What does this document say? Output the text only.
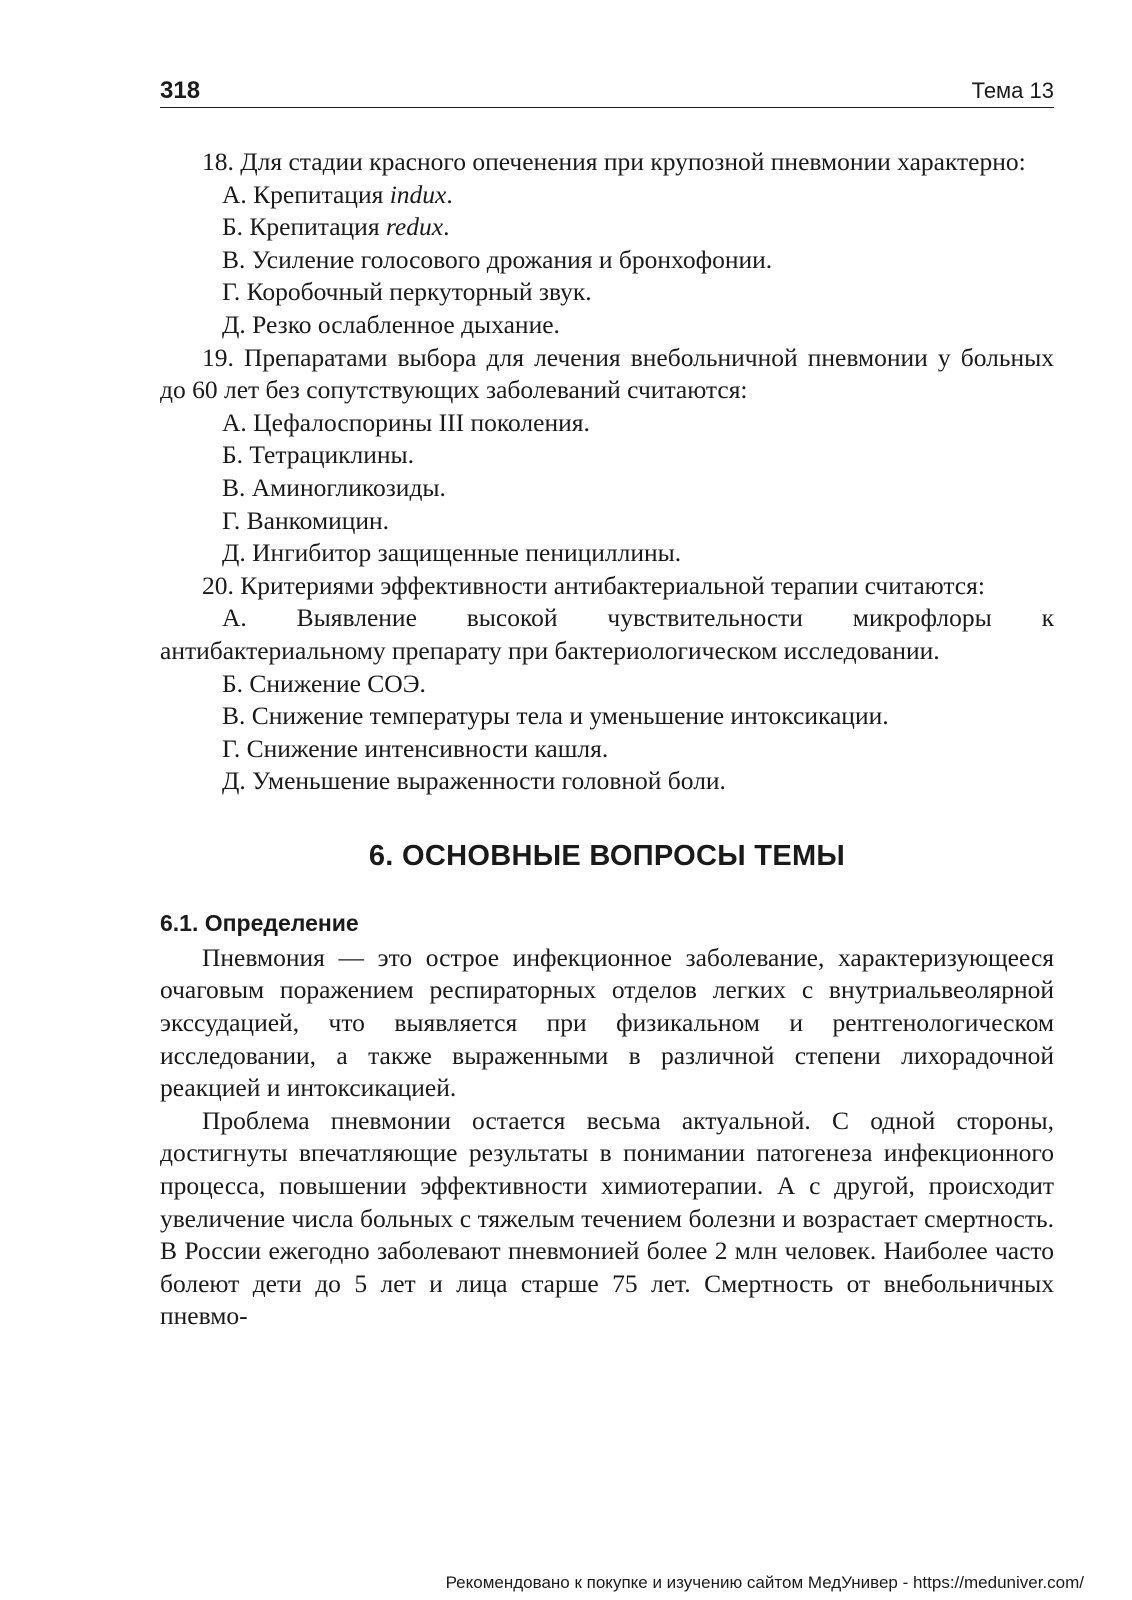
318	Тема 13
18. Для стадии красного опеченения при крупозной пневмонии характерно:
А. Крепитация indux.
Б. Крепитация redux.
В. Усиление голосового дрожания и бронхофонии.
Г. Коробочный перкуторный звук.
Д. Резко ослабленное дыхание.
19. Препаратами выбора для лечения внебольничной пневмонии у больных до 60 лет без сопутствующих заболеваний считаются:
А. Цефалоспорины III поколения.
Б. Тетрациклины.
В. Аминогликозиды.
Г. Ванкомицин.
Д. Ингибитор защищенные пенициллины.
20. Критериями эффективности антибактериальной терапии считаются:
А. Выявление высокой чувствительности микрофлоры к антибактериальному препарату при бактериологическом исследовании.
Б. Снижение СОЭ.
В. Снижение температуры тела и уменьшение интоксикации.
Г. Снижение интенсивности кашля.
Д. Уменьшение выраженности головной боли.
6. ОСНОВНЫЕ ВОПРОСЫ ТЕМЫ
6.1. Определение

Пневмония — это острое инфекционное заболевание, характеризующееся очаговым поражением респираторных отделов легких с внутриальвеолярной экссудацией, что выявляется при физикальном и рентгенологическом исследовании, а также выраженными в различной степени лихорадочной реакцией и интоксикацией.

Проблема пневмонии остается весьма актуальной. С одной стороны, достигнуты впечатляющие результаты в понимании патогенеза инфекционного процесса, повышении эффективности химиотерапии. А с другой, происходит увеличение числа больных с тяжелым течением болезни и возрастает смертность. В России ежегодно заболевают пневмонией более 2 млн человек. Наиболее часто болеют дети до 5 лет и лица старше 75 лет. Смертность от внебольничных пневмо-

Рекомендовано к покупке и изучению сайтом МедУнивер - https://meduniver.com/
